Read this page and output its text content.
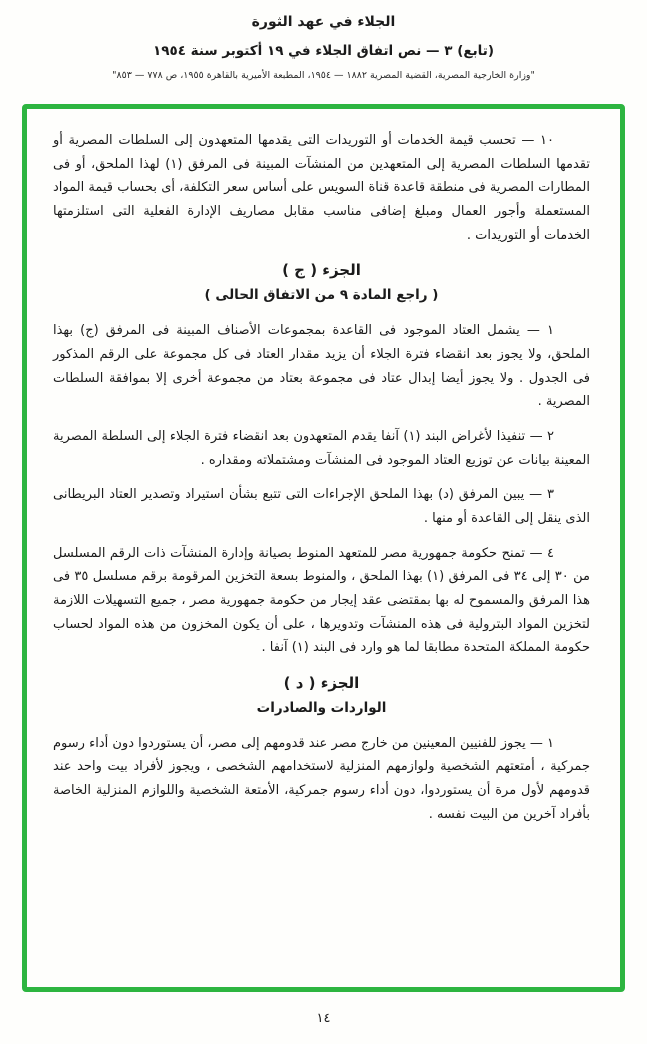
الجلاء في عهد الثورة
(تابع) ٣ — نص اتفاق الجلاء في ١٩ أكتوبر سنة ١٩٥٤
"وزارة الخارجية المصرية، القضية المصرية ١٨٨٢ — ١٩٥٤، المطبعة الأميرية بالقاهرة ١٩٥٥، ص ٧٧٨ — ٨٥٣"
١٠ — تحسب قيمة الخدمات أو التوريدات التى يقدمها المتعهدون إلى السلطات المصرية أو تقدمها السلطات المصرية إلى المتعهدين من المنشآت المبينة فى المرفق (١) لهذا الملحق، أو فى المطارات المصرية فى منطقة قاعدة قناة السويس على أساس سعر التكلفة، أى بحساب قيمة المواد المستعملة وأجور العمال ومبلغ إضافى مناسب مقابل مصاريف الإدارة الفعلية التى استلزمتها الخدمات أو التوريدات .
الجزء ( ج )
( راجع المادة ٩ من الاتفاق الحالى )
١ — يشمل العتاد الموجود فى القاعدة بمجموعات الأصناف المبينة فى المرفق (ج) بهذا الملحق، ولا يجوز بعد انقضاء فترة الجلاء أن يزيد مقدار العتاد فى كل مجموعة على الرقم المذكور فى الجدول . ولا يجوز أيضا إبدال عتاد فى مجموعة بعتاد من مجموعة أخرى إلا بموافقة السلطات المصرية .
٢ — تنفيذا لأغراض البند (١) آنفا يقدم المتعهدون بعد انقضاء فترة الجلاء إلى السلطة المصرية المعينة بيانات عن توزيع العتاد الموجود فى المنشآت ومشتملاته ومقداره .
٣ — يبين المرفق (د) بهذا الملحق الإجراءات التى تتبع بشأن استيراد وتصدير العتاد البريطانى الذى ينقل إلى القاعدة أو منها .
٤ — تمنح حكومة جمهورية مصر للمتعهد المنوط بصيانة وإدارة المنشآت ذات الرقم المسلسل من ٣٠ إلى ٣٤ فى المرفق (١) بهذا الملحق ، والمنوط بسعة التخزين المرقومة برقم مسلسل ٣٥ فى هذا المرفق والمسموح له بها بمقتضى عقد إيجار من حكومة جمهورية مصر ، جميع التسهيلات اللازمة لتخزين المواد البترولية فى هذه المنشآت وتدويرها ، على أن يكون المخزون من هذه المواد لحساب حكومة المملكة المتحدة مطابقا لما هو وارد فى البند (١) آنفا .
الجزء ( د )
الواردات والصادرات
١ — يجوز للفنيين المعينين من خارج مصر عند قدومهم إلى مصر، أن يستوردوا دون أداء رسوم جمركية ، أمتعتهم الشخصية ولوازمهم المنزلية لاستخدامهم الشخصى ، ويجوز لأفراد بيت واحد عند قدومهم لأول مرة أن يستوردوا، دون أداء رسوم جمركية، الأمتعة الشخصية واللوازم المنزلية الخاصة بأفراد آخرين من البيت نفسه .
١٤
